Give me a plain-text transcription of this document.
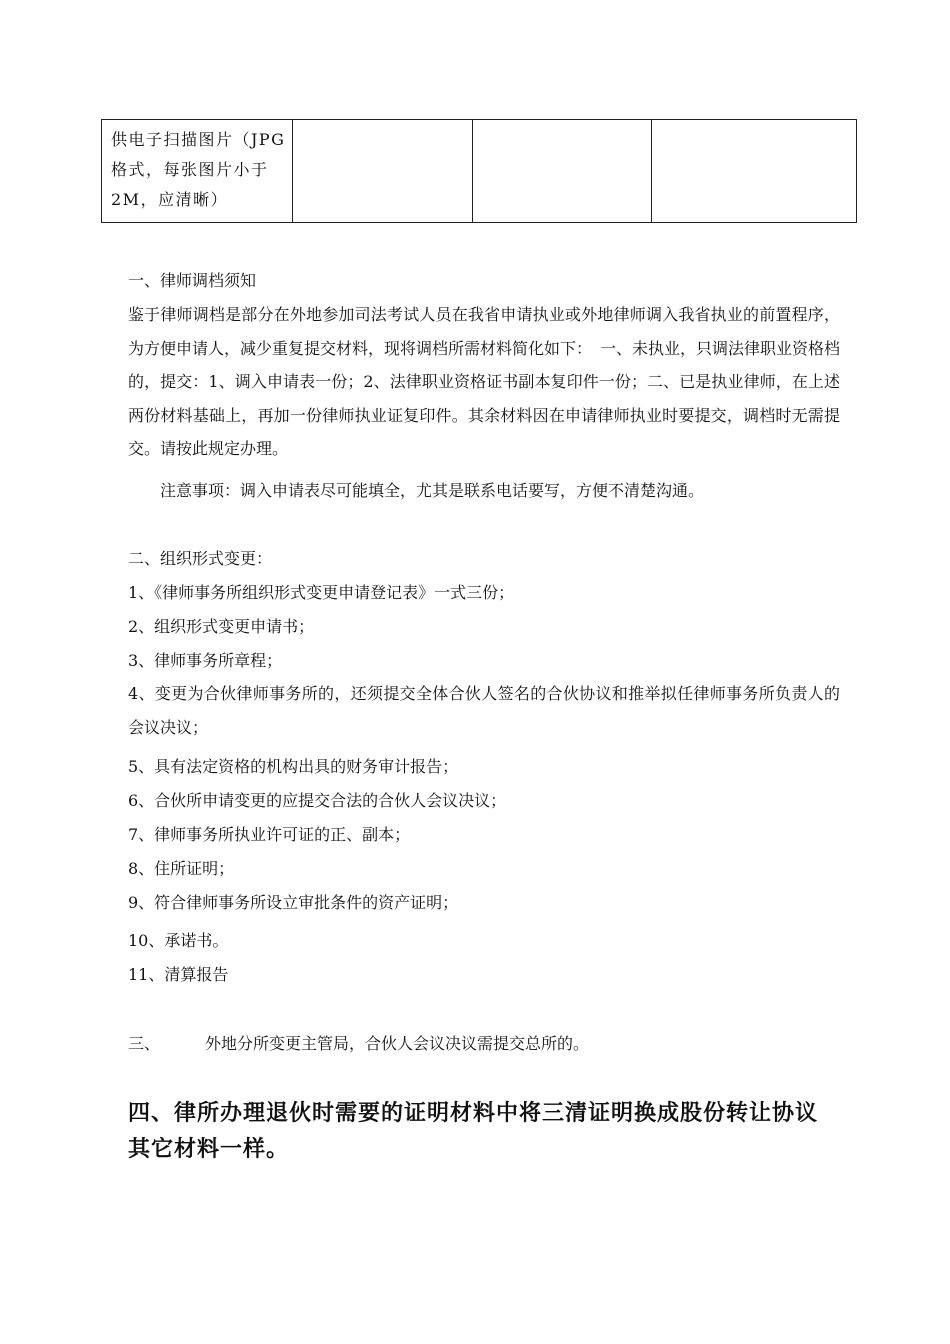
供电子扫描图片（JPG
格式，每张图片小于
2M，应清晰）

一、律师调档须知
鉴于律师调档是部分在外地参加司法考试人员在我省申请执业或外地律师调入我省执业的前置程序，为方便申请人，减少重复提交材料，现将调档所需材料简化如下：　一、未执业，只调法律职业资格档的，提交：1、调入申请表一份；2、法律职业资格证书副本复印件一份；二、已是执业律师，在上述两份材料基础上，再加一份律师执业证复印件。其余材料因在申请律师执业时要提交，调档时无需提交。请按此规定办理。
注意事项：调入申请表尽可能填全，尤其是联系电话要写，方便不清楚沟通。
二、组织形式变更：
1、《律师事务所组织形式变更申请登记表》一式三份；
2、组织形式变更申请书；
3、律师事务所章程；
4、变更为合伙律师事务所的，还须提交全体合伙人签名的合伙协议和推举拟任律师事务所负责人的会议决议；
5、具有法定资格的机构出具的财务审计报告；
6、合伙所申请变更的应提交合法的合伙人会议决议；
7、律师事务所执业许可证的正、副本；
8、住所证明；
9、符合律师事务所设立审批条件的资产证明；
10、承诺书。
11、清算报告
三、	外地分所变更主管局，合伙人会议决议需提交总所的。
四、律所办理退伙时需要的证明材料中将三清证明换成股份转让协议其它材料一样。
